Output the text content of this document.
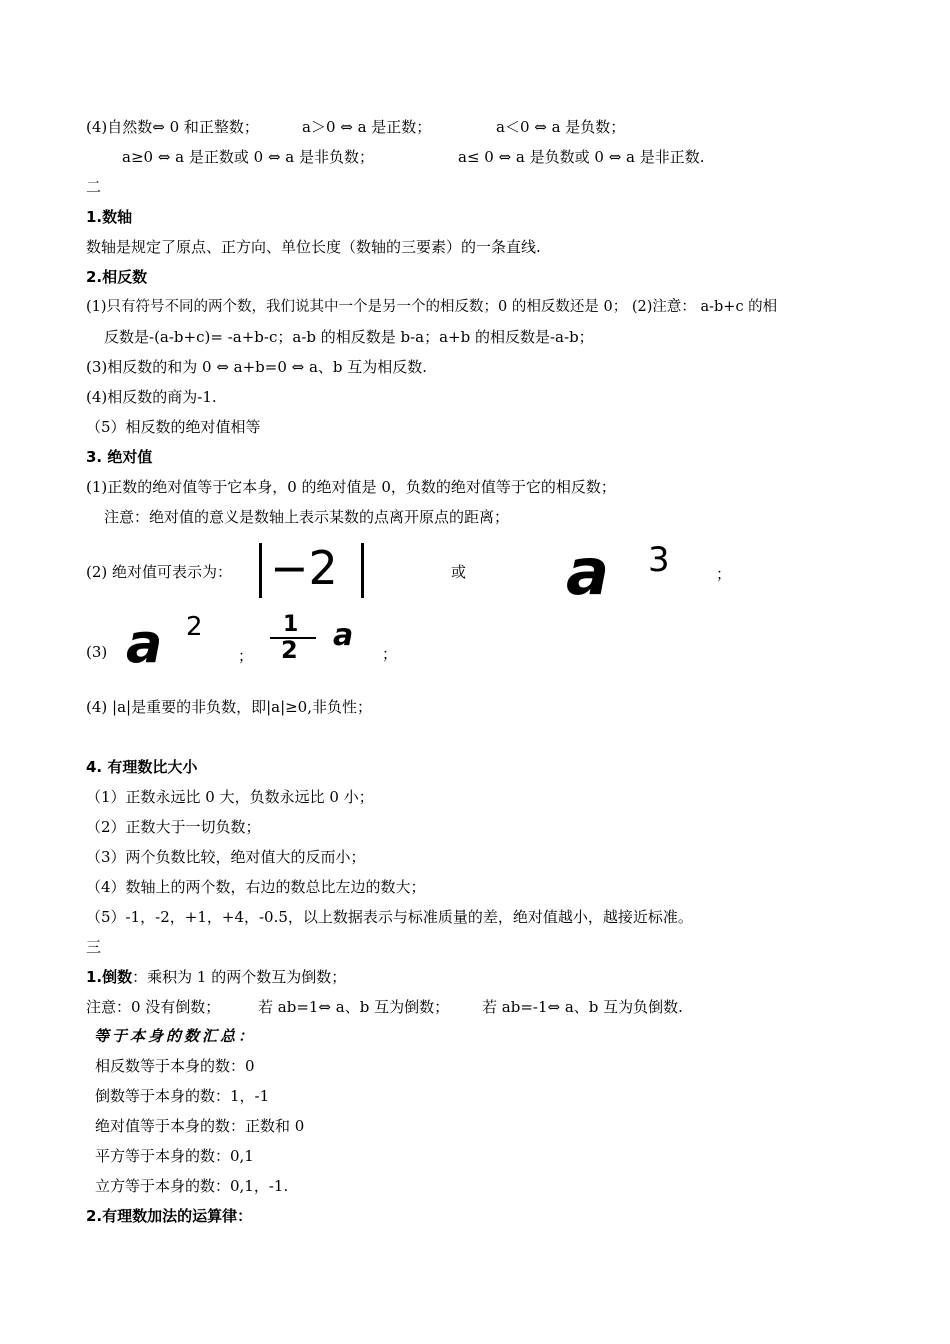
(4)自然数⇔ 0 和正整数；	a＞0 ⇔ a 是正数；	a＜0 ⇔ a 是负数；
a≥0 ⇔ a 是正数或 0 ⇔ a 是非负数；	a≤ 0 ⇔ a 是负数或 0 ⇔ a 是非正数.
二
1.数轴
数轴是规定了原点、正方向、单位长度（数轴的三要素）的一条直线.
2.相反数
(1)只有符号不同的两个数，我们说其中一个是另一个的相反数；0 的相反数还是 0； (2)注意： a-b+c 的相
反数是-(a-b+c)= -a+b-c；a-b 的相反数是 b-a；a+b 的相反数是-a-b；
(3)相反数的和为 0 ⇔ a+b=0 ⇔ a、b 互为相反数.
(4)相反数的商为-1.
（5）相反数的绝对值相等
3. 绝对值
(1)正数的绝对值等于它本身，0 的绝对值是 0，负数的绝对值等于它的相反数；
注意：绝对值的意义是数轴上表示某数的点离开原点的距离；
(2) 绝对值可表示为： −2	或 a 3	；
(3) a 2
；
1
2 a
；
(4) |a|是重要的非负数，即|a|≥0,非负性；
4. 有理数比大小
（1）正数永远比 0 大，负数永远比 0 小；
（2）正数大于一切负数；
（3）两个负数比较，绝对值大的反而小；
（4）数轴上的两个数，右边的数总比左边的数大；
（5）-1，-2，+1，+4，-0.5，以上数据表示与标准质量的差，绝对值越小，越接近标准。
三
1.倒数：乘积为 1 的两个数互为倒数；
注意：0 没有倒数；	若 ab=1⇔ a、b 互为倒数； 若 ab=-1⇔ a、b 互为负倒数.
等于本身的数汇总：
相反数等于本身的数：0
倒数等于本身的数：1，-1
绝对值等于本身的数：正数和 0
平方等于本身的数：0,1
立方等于本身的数：0,1，-1.
2.有理数加法的运算律：
